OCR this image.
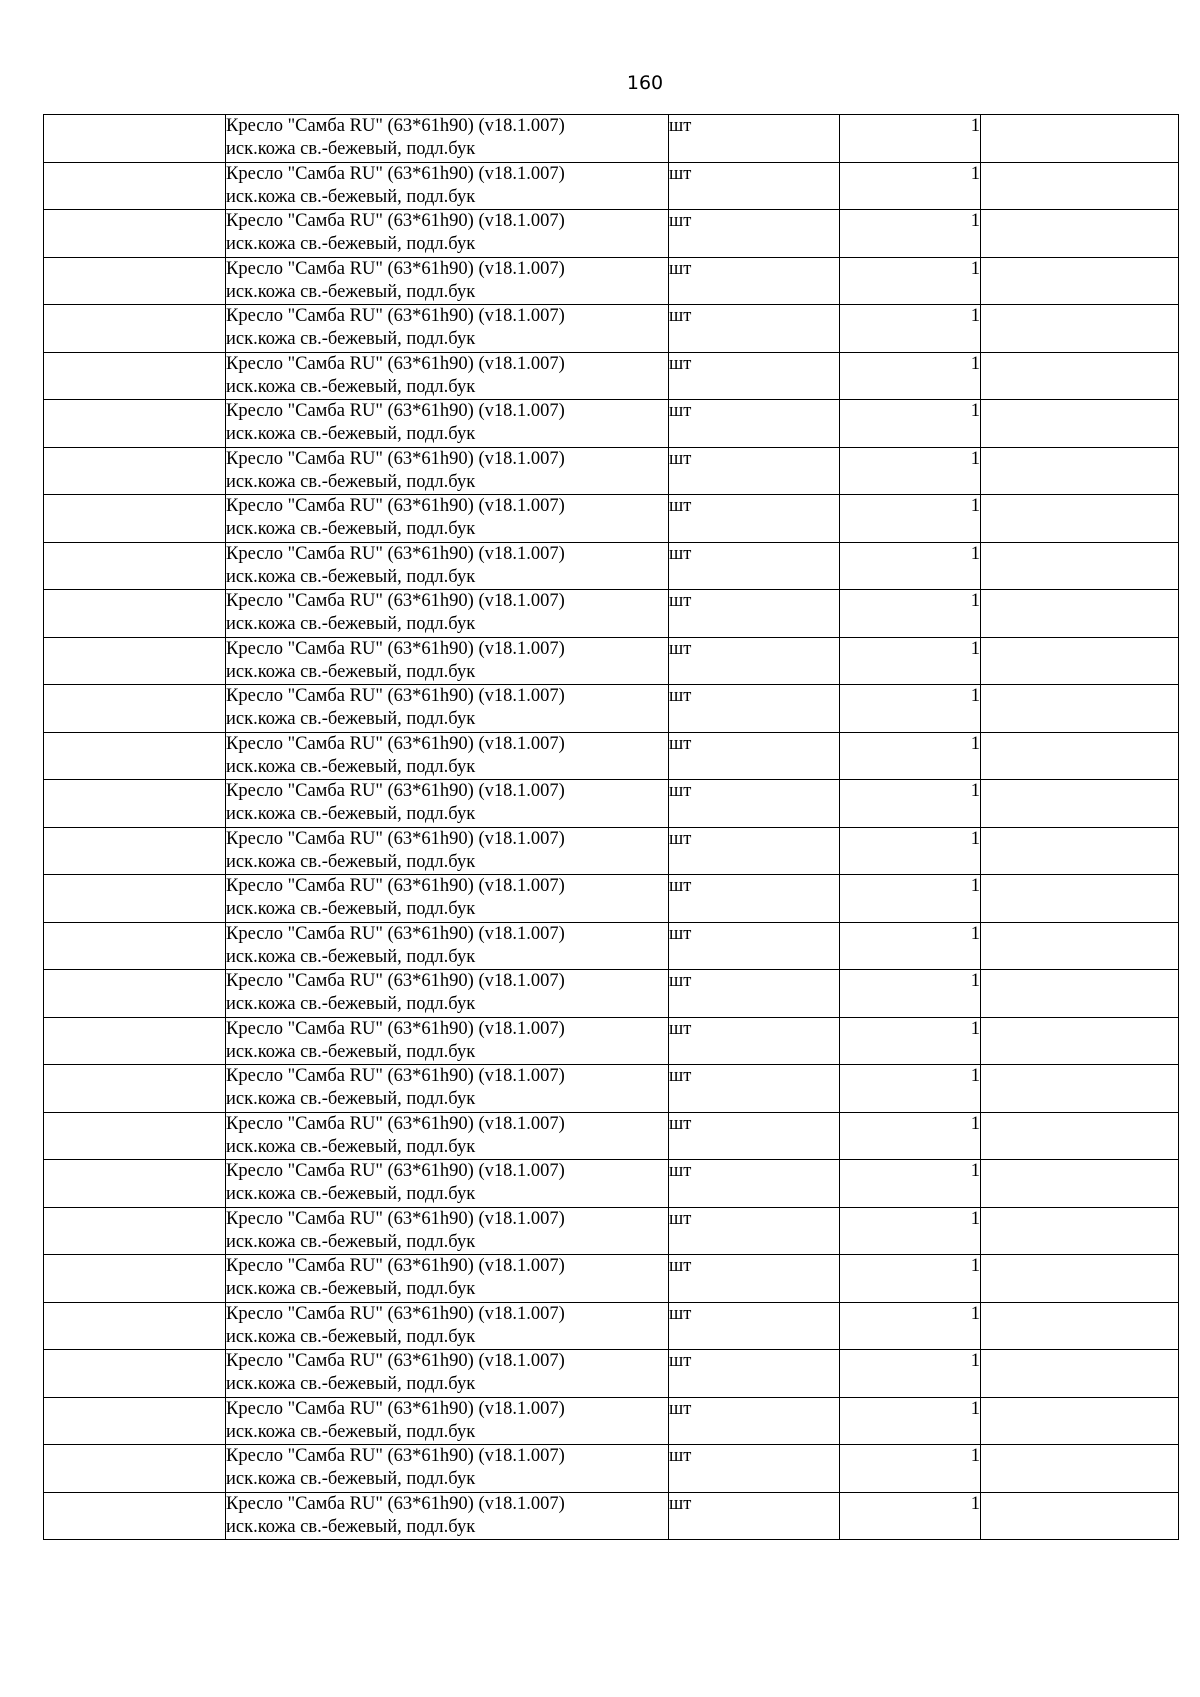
160

	Кресло "Самба RU" (63*61h90) (v18.1.007)
иск.кожа св.-бежевый, подл.бук	шт	1	

	Кресло "Самба RU" (63*61h90) (v18.1.007)
иск.кожа св.-бежевый, подл.бук	шт	1	

	Кресло "Самба RU" (63*61h90) (v18.1.007)
иск.кожа св.-бежевый, подл.бук	шт	1	

	Кресло "Самба RU" (63*61h90) (v18.1.007)
иск.кожа св.-бежевый, подл.бук	шт	1	

	Кресло "Самба RU" (63*61h90) (v18.1.007)
иск.кожа св.-бежевый, подл.бук	шт	1	

	Кресло "Самба RU" (63*61h90) (v18.1.007)
иск.кожа св.-бежевый, подл.бук	шт	1	

	Кресло "Самба RU" (63*61h90) (v18.1.007)
иск.кожа св.-бежевый, подл.бук	шт	1	

	Кресло "Самба RU" (63*61h90) (v18.1.007)
иск.кожа св.-бежевый, подл.бук	шт	1	

	Кресло "Самба RU" (63*61h90) (v18.1.007)
иск.кожа св.-бежевый, подл.бук	шт	1	

	Кресло "Самба RU" (63*61h90) (v18.1.007)
иск.кожа св.-бежевый, подл.бук	шт	1	

	Кресло "Самба RU" (63*61h90) (v18.1.007)
иск.кожа св.-бежевый, подл.бук	шт	1	

	Кресло "Самба RU" (63*61h90) (v18.1.007)
иск.кожа св.-бежевый, подл.бук	шт	1	

	Кресло "Самба RU" (63*61h90) (v18.1.007)
иск.кожа св.-бежевый, подл.бук	шт	1	

	Кресло "Самба RU" (63*61h90) (v18.1.007)
иск.кожа св.-бежевый, подл.бук	шт	1	

	Кресло "Самба RU" (63*61h90) (v18.1.007)
иск.кожа св.-бежевый, подл.бук	шт	1	

	Кресло "Самба RU" (63*61h90) (v18.1.007)
иск.кожа св.-бежевый, подл.бук	шт	1	

	Кресло "Самба RU" (63*61h90) (v18.1.007)
иск.кожа св.-бежевый, подл.бук	шт	1	

	Кресло "Самба RU" (63*61h90) (v18.1.007)
иск.кожа св.-бежевый, подл.бук	шт	1	

	Кресло "Самба RU" (63*61h90) (v18.1.007)
иск.кожа св.-бежевый, подл.бук	шт	1	

	Кресло "Самба RU" (63*61h90) (v18.1.007)
иск.кожа св.-бежевый, подл.бук	шт	1	

	Кресло "Самба RU" (63*61h90) (v18.1.007)
иск.кожа св.-бежевый, подл.бук	шт	1	

	Кресло "Самба RU" (63*61h90) (v18.1.007)
иск.кожа св.-бежевый, подл.бук	шт	1	

	Кресло "Самба RU" (63*61h90) (v18.1.007)
иск.кожа св.-бежевый, подл.бук	шт	1	

	Кресло "Самба RU" (63*61h90) (v18.1.007)
иск.кожа св.-бежевый, подл.бук	шт	1	

	Кресло "Самба RU" (63*61h90) (v18.1.007)
иск.кожа св.-бежевый, подл.бук	шт	1	

	Кресло "Самба RU" (63*61h90) (v18.1.007)
иск.кожа св.-бежевый, подл.бук	шт	1	

	Кресло "Самба RU" (63*61h90) (v18.1.007)
иск.кожа св.-бежевый, подл.бук	шт	1	

	Кресло "Самба RU" (63*61h90) (v18.1.007)
иск.кожа св.-бежевый, подл.бук	шт	1	

	Кресло "Самба RU" (63*61h90) (v18.1.007)
иск.кожа св.-бежевый, подл.бук	шт	1	

	Кресло "Самба RU" (63*61h90) (v18.1.007)
иск.кожа св.-бежевый, подл.бук	шт	1	
